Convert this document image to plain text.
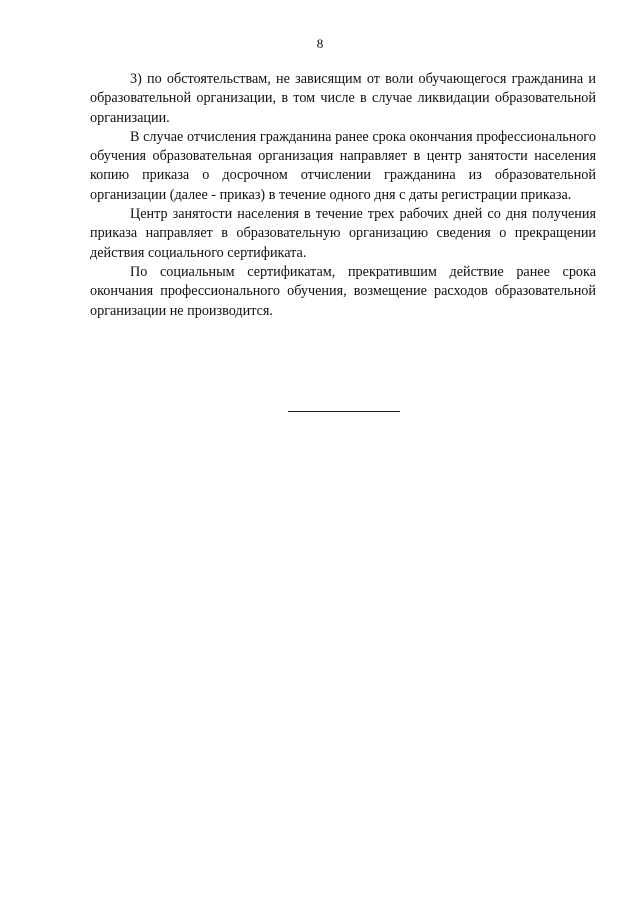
8

3) по обстоятельствам, не зависящим от воли обучающегося гражданина и образовательной организации, в том числе в случае ликвидации образовательной организации.

В случае отчисления гражданина ранее срока окончания профессионального обучения образовательная организация направляет в центр занятости населения копию приказа о досрочном отчислении гражданина из образовательной организации (далее - приказ) в течение одного дня с даты регистрации приказа.

Центр занятости населения в течение трех рабочих дней со дня получения приказа направляет в образовательную организацию сведения о прекращении действия социального сертификата.

По социальным сертификатам, прекратившим действие ранее срока окончания профессионального обучения, возмещение расходов образовательной организации не производится.
